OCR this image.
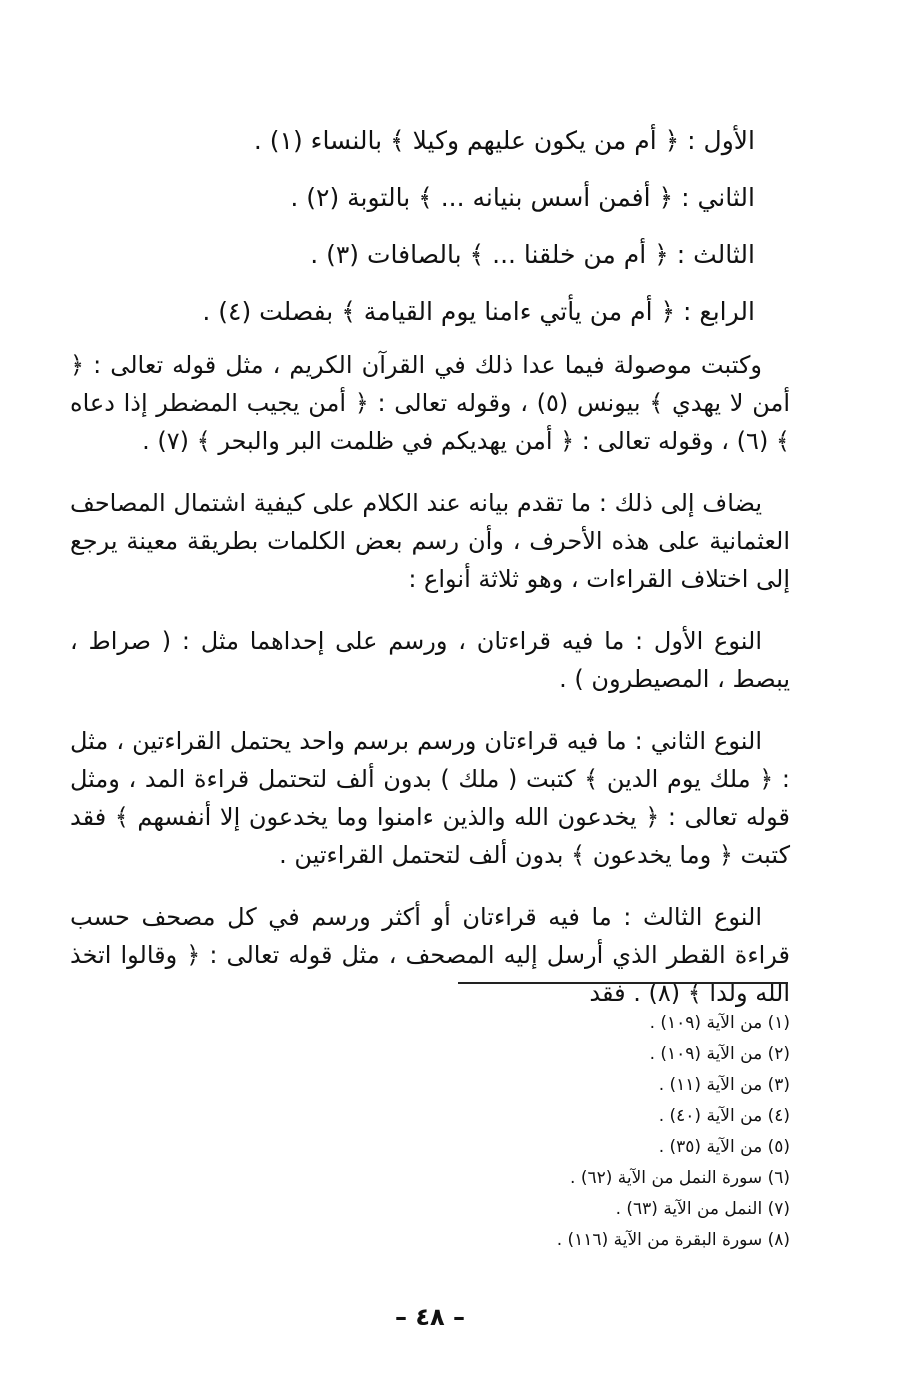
الأول : ﴿ أم من يكون عليهم وكيلا ﴾ بالنساء (١) .
الثاني : ﴿ أفمن أسس بنيانه ... ﴾ بالتوبة (٢) .
الثالث : ﴿ أم من خلقنا ... ﴾ بالصافات (٣) .
الرابع : ﴿ أم من يأتي ءامنا يوم القيامة ﴾ بفصلت (٤) .

وكتبت موصولة فيما عدا ذلك في القرآن الكريم ، مثل قوله تعالى : ﴿ أمن لا يهدي ﴾ بيونس (٥) ، وقوله تعالى : ﴿ أمن يجيب المضطر إذا دعاه ﴾ (٦) ، وقوله تعالى : ﴿ أمن يهديكم في ظلمت البر والبحر ﴾ (٧) .

يضاف إلى ذلك : ما تقدم بيانه عند الكلام على كيفية اشتمال المصاحف العثمانية على هذه الأحرف ، وأن رسم بعض الكلمات بطريقة معينة يرجع إلى اختلاف القراءات ، وهو ثلاثة أنواع :

النوع الأول : ما فيه قراءتان ، ورسم على إحداهما مثل : ( صراط ، يبصط ، المصيطرون ) .

النوع الثاني : ما فيه قراءتان ورسم برسم واحد يحتمل القراءتين ، مثل : ﴿ ملك يوم الدين ﴾ كتبت ( ملك ) بدون ألف لتحتمل قراءة المد ، ومثل قوله تعالى : ﴿ يخدعون الله والذين ءامنوا وما يخدعون إلا أنفسهم ﴾ فقد كتبت ﴿ وما يخدعون ﴾ بدون ألف لتحتمل القراءتين .

النوع الثالث : ما فيه قراءتان أو أكثر ورسم في كل مصحف حسب قراءة القطر الذي أرسل إليه المصحف ، مثل قوله تعالى : ﴿ وقالوا اتخذ الله ولدا ﴾ (٨) . فقد

(١) من الآية (١٠٩) .
(٢) من الآية (١٠٩) .
(٣) من الآية (١١) .
(٤) من الآية (٤٠) .
(٥) من الآية (٣٥) .
(٦) سورة النمل من الآية (٦٢) .
(٧) النمل من الآية (٦٣) .
(٨) سورة البقرة من الآية (١١٦) .
– ٤٨ –
